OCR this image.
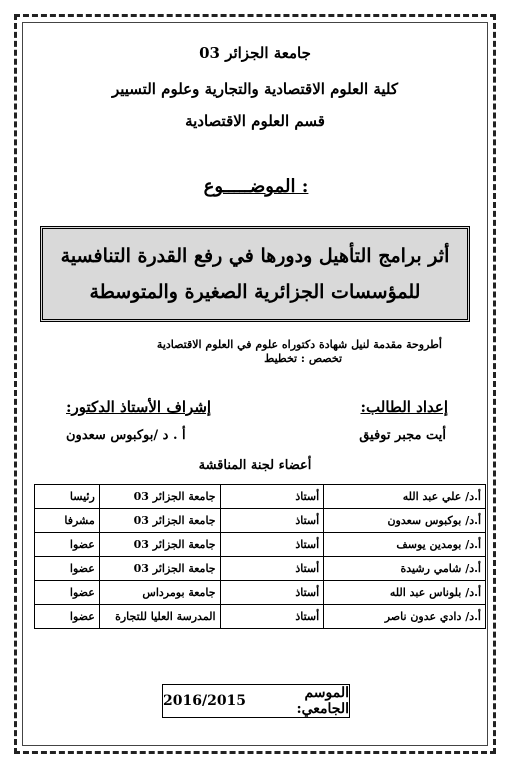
جامعة الجزائر 03
كلية العلوم الاقتصادية والتجارية وعلوم التسيير
قسم العلوم الاقتصادية
الموضـــــوع :
أثر برامج التأهيل ودورها في رفع القدرة التنافسية
للمؤسسات الجزائرية الصغيرة والمتوسطة
أطروحة مقدمة لنيل شهادة دكتوراه علوم في العلوم الاقتصادية
تخصص : تخطيط
إعداد الطالب:
إشراف الأستاذ الدكتور:
أيت مجبر توفيق
أ . د /بوكبوس سعدون
أعضاء لجنة المناقشة
أ.د/ علي عبد الله	أستاذ	جامعة الجزائر 03	رئيسا
أ.د/ بوكبوس سعدون	أستاذ	جامعة الجزائر 03	مشرفا
أ.د/ بومدين يوسف	أستاذ	جامعة الجزائر 03	عضوا
أ.د/ شامي رشيدة	أستاذ	جامعة الجزائر 03	عضوا
أ.د/ بلوناس عبد الله	أستاذ	جامعة بومرداس	عضوا
أ.د/ دادي عدون ناصر	أستاذ	المدرسة العليا للتجارة	عضوا
الموسم الجامعي:
2016/2015
